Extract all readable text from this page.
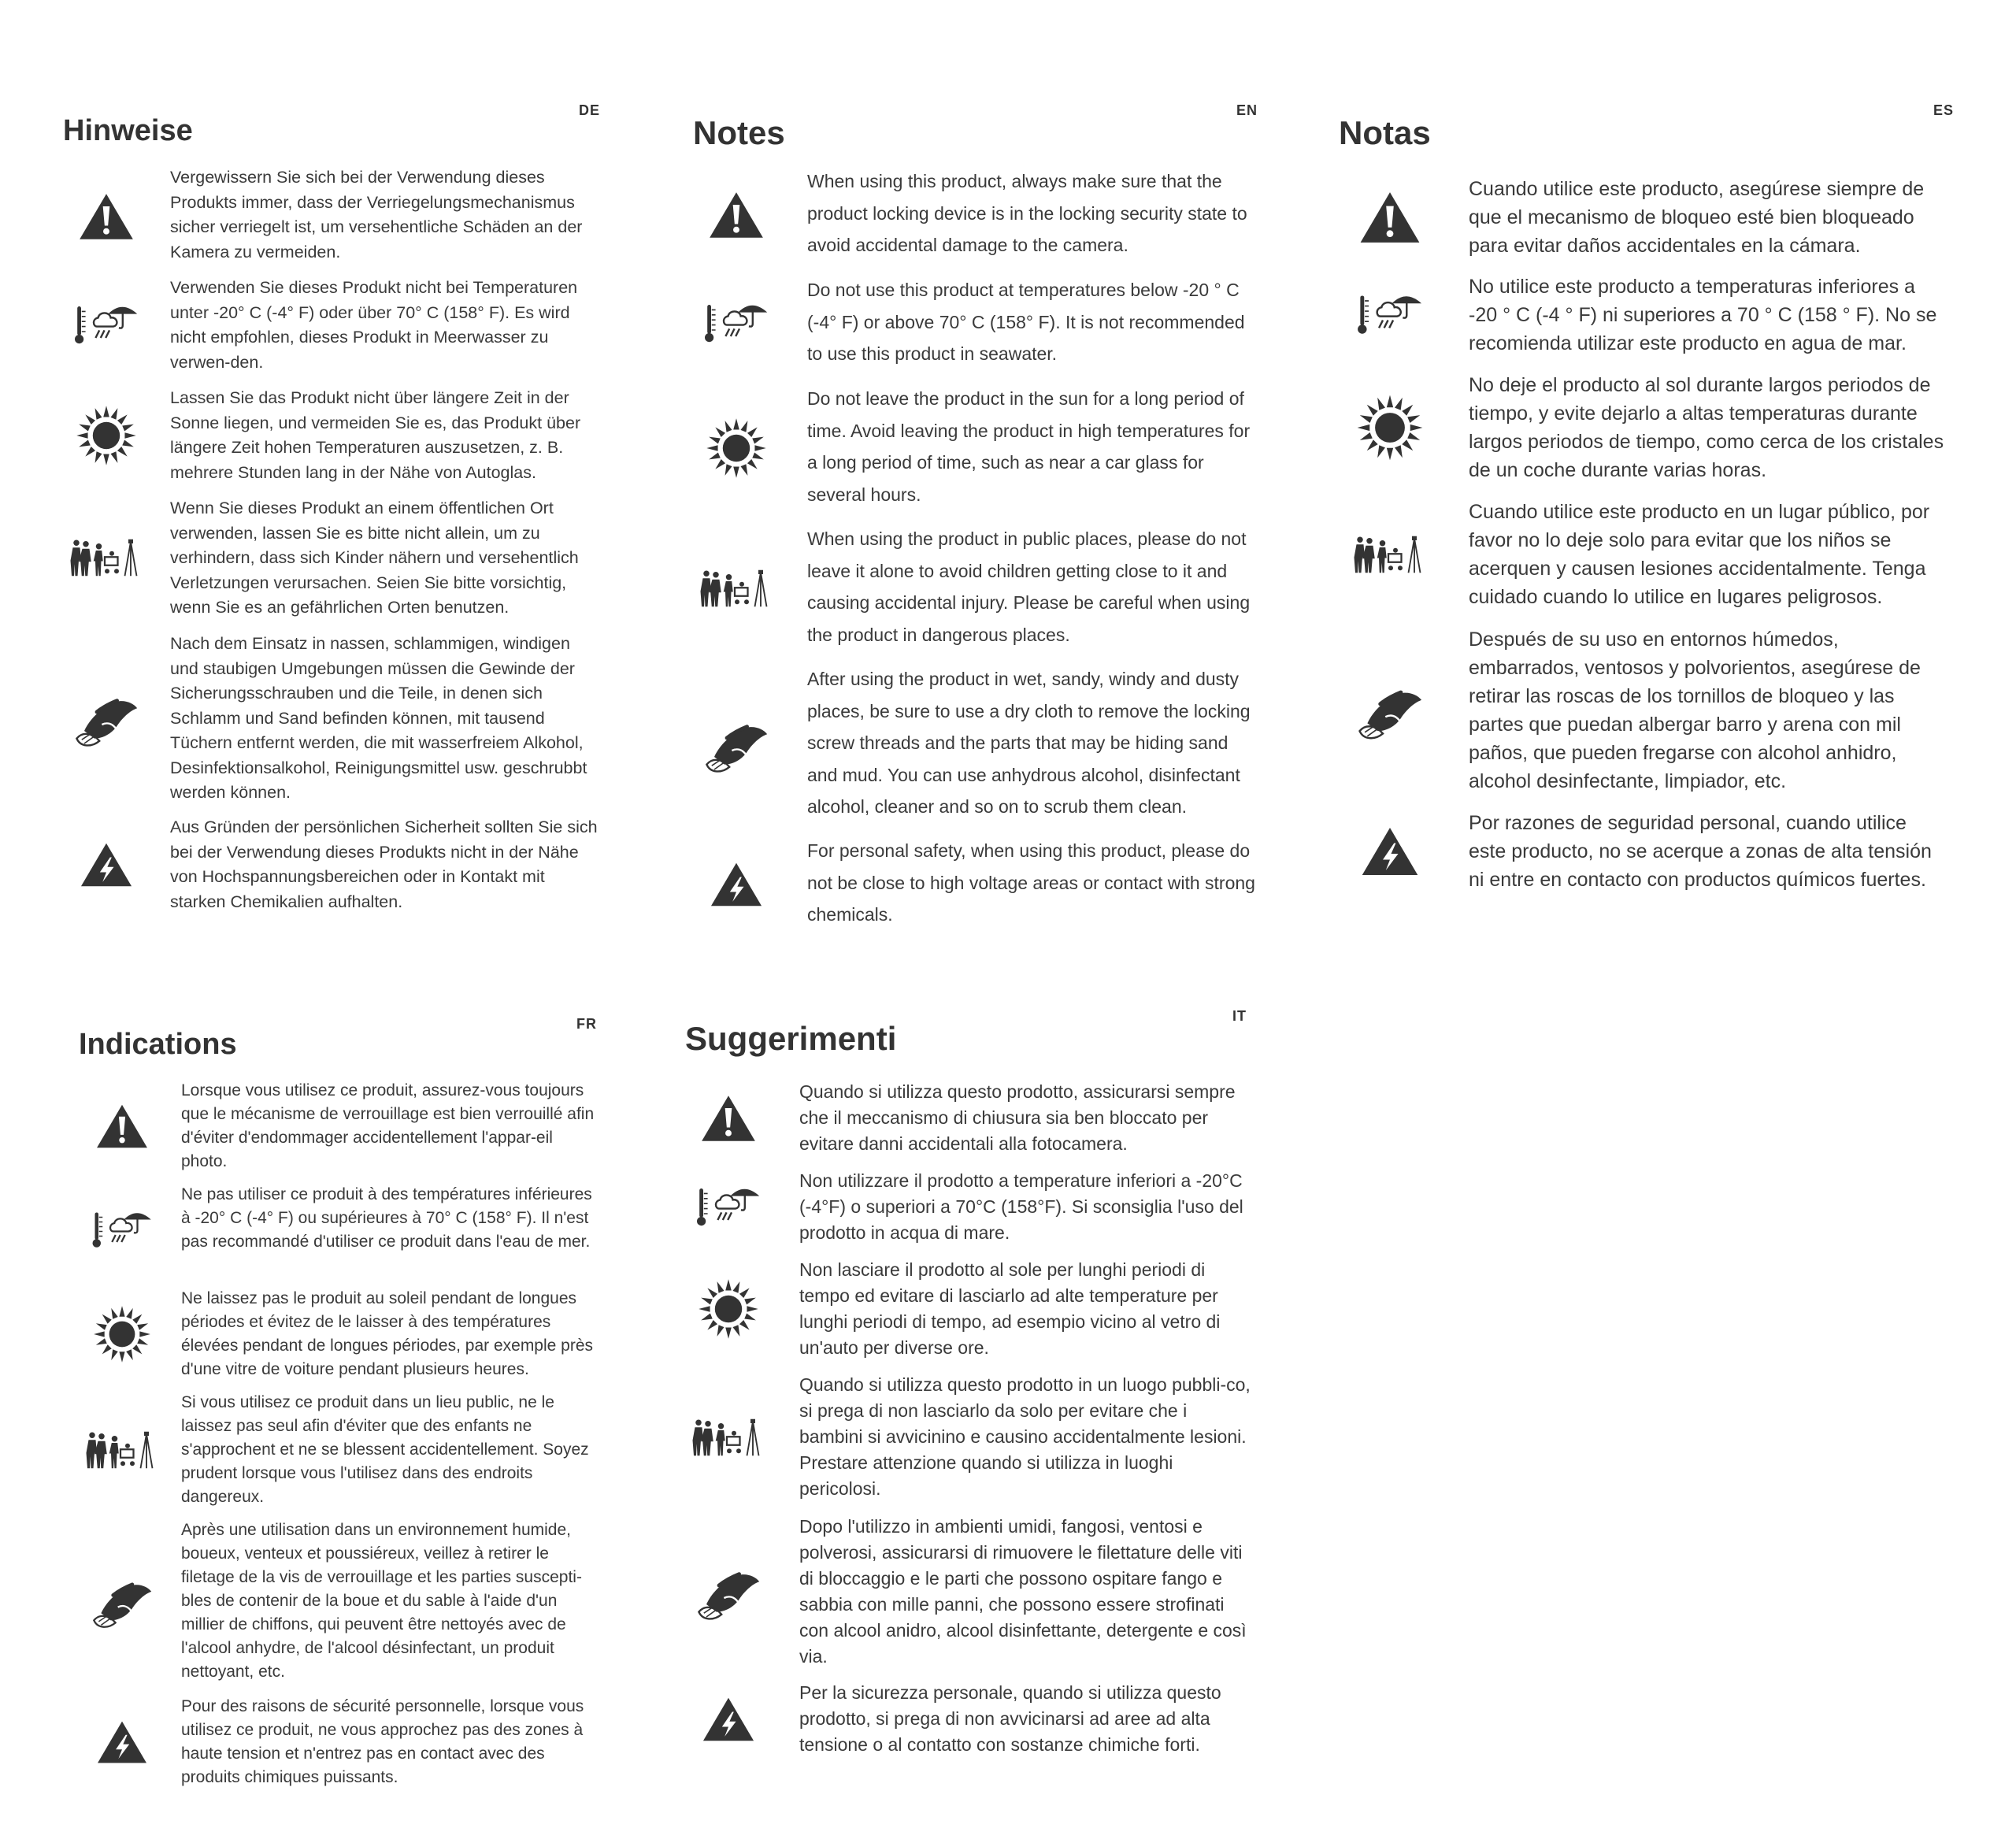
Hinweise
DE

Vergewissern Sie sich bei der Verwendung dieses Produkts immer, dass der Verriegelungsmechanismus sicher verriegelt ist, um versehentliche Schäden an der Kamera zu vermeiden.

Verwenden Sie dieses Produkt nicht bei Temperaturen unter -20° C (-4° F) oder über 70° C (158° F). Es wird nicht empfohlen, dieses Produkt in Meerwasser zu verwen-den.

Lassen Sie das Produkt nicht über längere Zeit in der Sonne liegen, und vermeiden Sie es, das Produkt über längere Zeit hohen Temperaturen auszusetzen, z. B. mehrere Stunden lang in der Nähe von Autoglas.

Wenn Sie dieses Produkt an einem öffentlichen Ort verwenden, lassen Sie es bitte nicht allein, um zu verhindern, dass sich Kinder nähern und versehentlich Verletzungen verursachen. Seien Sie bitte vorsichtig, wenn Sie es an gefährlichen Orten benutzen.

Nach dem Einsatz in nassen, schlammigen, windigen und staubigen Umgebungen müssen die Gewinde der Sicherungsschrauben und die Teile, in denen sich Schlamm und Sand befinden können, mit tausend Tüchern entfernt werden, die mit wasserfreiem Alkohol, Desinfektionsalkohol, Reinigungsmittel usw. geschrubbt werden können.

Aus Gründen der persönlichen Sicherheit sollten Sie sich bei der Verwendung dieses Produkts nicht in der Nähe von Hochspannungsbereichen oder in Kontakt mit starken Chemikalien aufhalten.

Notes
EN

When using this product, always make sure that the product locking device is in the locking security state to avoid accidental damage to the camera.

Do not use this product at temperatures below -20 ° C (-4° F) or above 70° C (158° F). It is not recommended to use this product in seawater.

Do not leave the product in the sun for a long period of time. Avoid leaving the product in high temperatures for a long period of time, such as near a car glass for several hours.

When using the product in public places, please do not leave it alone to avoid children getting close to it and causing accidental injury. Please be careful when using the product in dangerous places.

After using the product in wet, sandy, windy and dusty places, be sure to use a dry cloth to remove the locking screw threads and the parts that may be hiding sand and mud. You can use anhydrous alcohol, disinfectant alcohol, cleaner and so on to scrub them clean.

For personal safety, when using this product, please do not be close to high voltage areas or contact with strong chemicals.

Notas
ES

Cuando utilice este producto, asegúrese siempre de que el mecanismo de bloqueo esté bien bloqueado para evitar daños accidentales en la cámara.

No utilice este producto a temperaturas inferiores a -20 ° C (-4 ° F) ni superiores a 70 ° C (158 ° F). No se recomienda utilizar este producto en agua de mar.

No deje el producto al sol durante largos periodos de tiempo, y evite dejarlo a altas temperaturas durante largos periodos de tiempo, como cerca de los cristales de un coche durante varias horas.

Cuando utilice este producto en un lugar público, por favor no lo deje solo para evitar que los niños se acerquen y causen lesiones accidentalmente. Tenga cuidado cuando lo utilice en lugares peligrosos.

Después de su uso en entornos húmedos, embarrados, ventosos y polvorientos, asegúrese de retirar las roscas de los tornillos de bloqueo y las partes que puedan albergar barro y arena con mil paños, que pueden fregarse con alcohol anhidro, alcohol desinfectante, limpiador, etc.

Por razones de seguridad personal, cuando utilice este producto, no se acerque a zonas de alta tensión ni entre en contacto con productos químicos fuertes.

Indications
FR

Lorsque vous utilisez ce produit, assurez-vous toujours que le mécanisme de verrouillage est bien verrouillé afin d'éviter d'endommager accidentellement l'appar-eil photo.

Ne pas utiliser ce produit à des températures inférieures à -20° C (-4° F) ou supérieures à 70° C (158° F). Il n'est pas recommandé d'utiliser ce produit dans l'eau de mer.

Ne laissez pas le produit au soleil pendant de longues périodes et évitez de le laisser à des températures élevées pendant de longues périodes, par exemple près d'une vitre de voiture pendant plusieurs heures.

Si vous utilisez ce produit dans un lieu public, ne le laissez pas seul afin d'éviter que des enfants ne s'approchent et ne se blessent accidentellement. Soyez prudent lorsque vous l'utilisez dans des endroits dangereux.

Après une utilisation dans un environnement humide, boueux, venteux et poussiéreux, veillez à retirer le filetage de la vis de verrouillage et les parties suscepti-bles de contenir de la boue et du sable à l'aide d'un millier de chiffons, qui peuvent être nettoyés avec de l'alcool anhydre, de l'alcool désinfectant, un produit nettoyant, etc.

Pour des raisons de sécurité personnelle, lorsque vous utilisez ce produit, ne vous approchez pas des zones à haute tension et n'entrez pas en contact avec des produits chimiques puissants.

Suggerimenti
IT

Quando si utilizza questo prodotto, assicurarsi sempre che il meccanismo di chiusura sia ben bloccato per evitare danni accidentali alla fotocamera.

Non utilizzare il prodotto a temperature inferiori a -20°C (-4°F) o superiori a 70°C (158°F). Si sconsiglia l'uso del prodotto in acqua di mare.

Non lasciare il prodotto al sole per lunghi periodi di tempo ed evitare di lasciarlo ad alte temperature per lunghi periodi di tempo, ad esempio vicino al vetro di un'auto per diverse ore.

Quando si utilizza questo prodotto in un luogo pubbli-co, si prega di non lasciarlo da solo per evitare che i bambini si avvicinino e causino accidentalmente lesioni. Prestare attenzione quando si utilizza in luoghi pericolosi.

Dopo l'utilizzo in ambienti umidi, fangosi, ventosi e polverosi, assicurarsi di rimuovere le filettature delle viti di bloccaggio e le parti che possono ospitare fango e sabbia con mille panni, che possono essere strofinati con alcool anidro, alcool disinfettante, detergente e così via.

Per la sicurezza personale, quando si utilizza questo prodotto, si prega di non avvicinarsi ad aree ad alta tensione o al contatto con sostanze chimiche forti.
